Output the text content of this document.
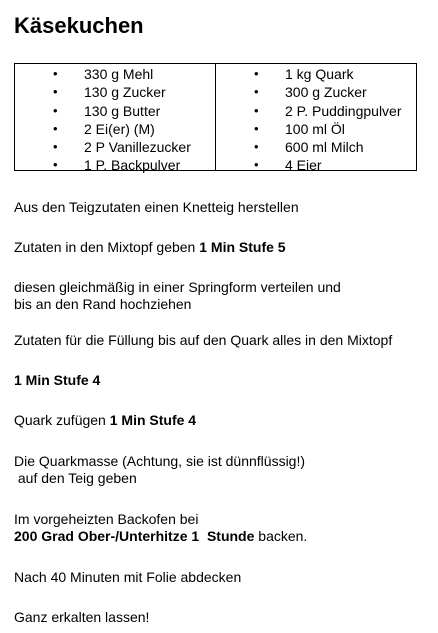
Käsekuchen
• 330 g Mehl
• 130 g Zucker
• 130 g Butter
• 2 Ei(er) (M)
• 2 P Vanillezucker
• 1 P. Backpulver
• 1 kg Quark
• 300 g Zucker
• 2 P. Puddingpulver
• 100 ml Öl
• 600 ml Milch
• 4 Eier

Aus den Teigzutaten einen Knetteig herstellen

Zutaten in den Mixtopf geben 1 Min Stufe 5

diesen gleichmäßig in einer Springform verteilen und
bis an den Rand hochziehen

Zutaten für die Füllung bis auf den Quark alles in den Mixtopf

1 Min Stufe 4

Quark zufügen 1 Min Stufe 4

Die Quarkmasse (Achtung, sie ist dünnflüssig!)
auf den Teig geben

Im vorgeheizten Backofen bei
200 Grad Ober-/Unterhitze 1  Stunde backen.

Nach 40 Minuten mit Folie abdecken

Ganz erkalten lassen!
